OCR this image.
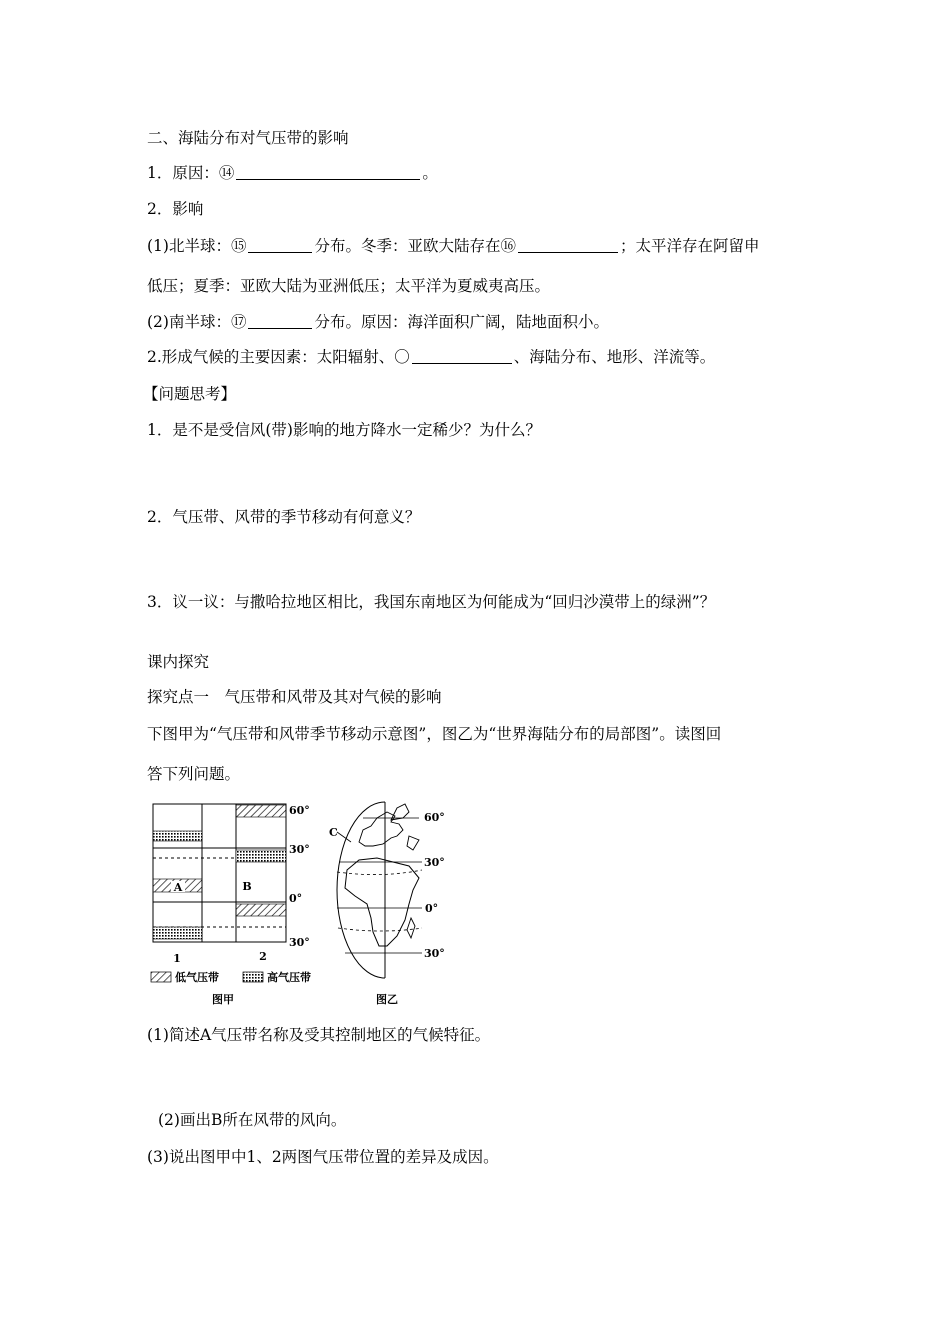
二、海陆分布对气压带的影响
1．原因：⑭	。
2．影响
(1)北半球：⑮	分布。冬季：亚欧大陆存在⑯	；太平洋存在阿留申
低压；夏季：亚欧大陆为亚洲低压；太平洋为夏威夷高压。
(2)南半球：⑰	分布。原因：海洋面积广阔，陆地面积小。
2.形成气候的主要因素：太阳辐射、〇	、海陆分布、地形、洋流等。
【问题思考】
1．是不是受信风(带)影响的地方降水一定稀少？为什么？
2．气压带、风带的季节移动有何意义？
3．议一议：与撒哈拉地区相比，我国东南地区为何能成为“回归沙漠带上的绿洲”？
课内探究
探究点一　气压带和风带及其对气候的影响
下图甲为“气压带和风带季节移动示意图”，图乙为“世界海陆分布的局部图”。读图回
答下列问题。
A	B
60°
30°
0°
30°
1	2
低气压带	高气压带
图甲
C
60°
30°
0°
30°
图乙
(1)简述A气压带名称及受其控制地区的气候特征。
(2)画出B所在风带的风向。
(3)说出图甲中1、2两图气压带位置的差异及成因。
